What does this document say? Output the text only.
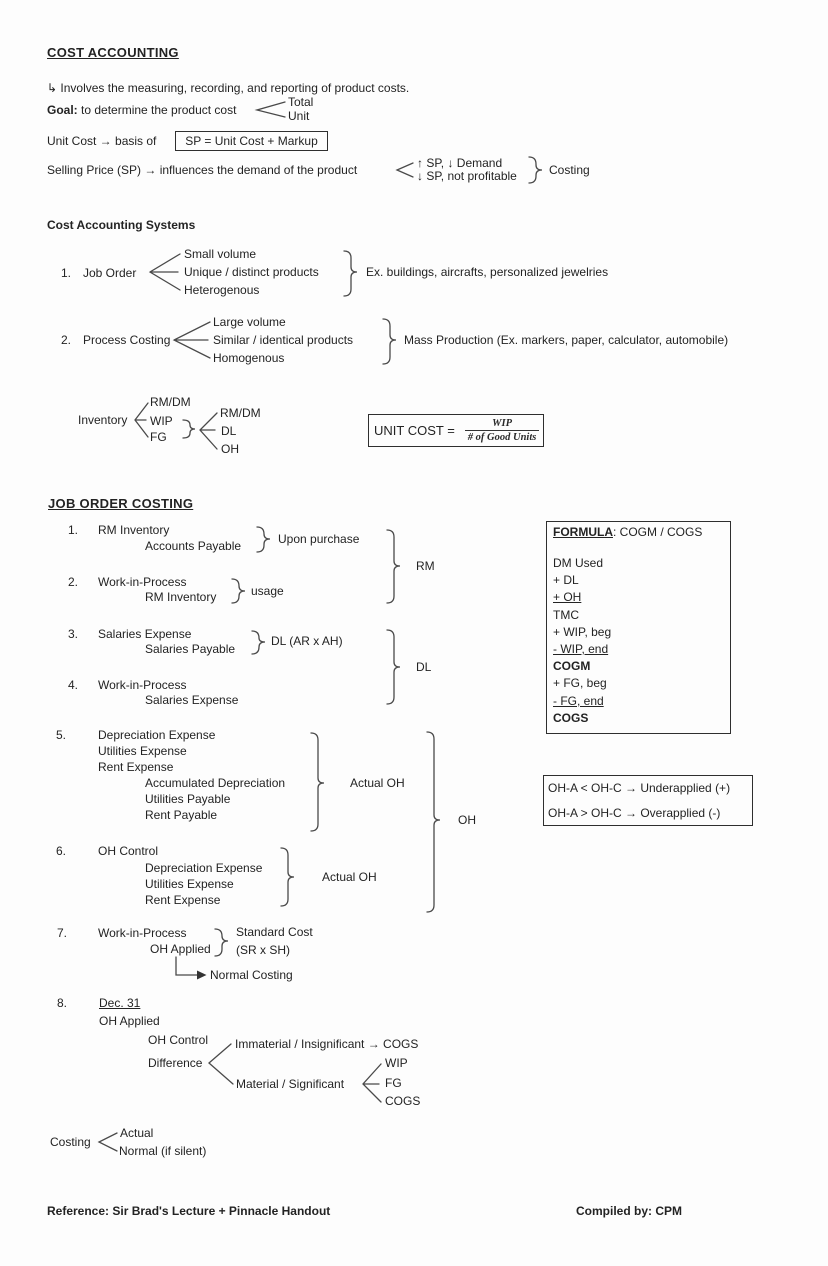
COST ACCOUNTING
↳ Involves the measuring, recording, and reporting of product costs.
Goal: to determine the product cost
Total
Unit
Unit Cost → basis of SP = Unit Cost + Markup
Selling Price (SP) → influences the demand of the product	↑ SP, ↓ Demand
↓ SP, not profitable	Costing
Cost Accounting Systems
1. Job Order
Small volume
Unique / distinct products
Heterogenous
Ex. buildings, aircrafts, personalized jewelries
2. Process Costing
Large volume
Similar / identical products
Homogenous
Mass Production (Ex. markers, paper, calculator, automobile)
Inventory
RM/DM
WIP
FG
RM/DM
DL
OH
UNIT COST = $\frac{\text{WIP}}{\text{\# of Good Units}}$
JOB ORDER COSTING
1. RM Inventory
Accounts Payable	Upon purchase
2. Work-in-Process
RM Inventory	usage
RM
3. Salaries Expense
Salaries Payable
DL (AR x AH)
4. Work-in-Process
Salaries Expense
DL
5.	Depreciation Expense
Utilities Expense
Rent Expense
Accumulated Depreciation
Utilities Payable
Rent Payable
Actual OH
6.	OH Control
Depreciation Expense
Utilities Expense
Rent Expense
Actual OH
OH
7.	Work-in-Process
OH Applied
Standard Cost
(SR x SH)
Normal Costing
8.	Dec. 31
OH Applied
OH Control
Difference
Immaterial / Insignificant → COGS
Material / Significant
WIP
FG
COGS
Costing
Actual
Normal (if silent)
FORMULA: COGM / COGS
DM Used
+ DL
+ OH
TMC
+ WIP, beg
- WIP, end
COGM
+ FG, beg
- FG, end
COGS
OH-A < OH-C → Underapplied (+)
OH-A > OH-C → Overapplied (-)
Reference: Sir Brad's Lecture + Pinnacle Handout	Compiled by: CPM
